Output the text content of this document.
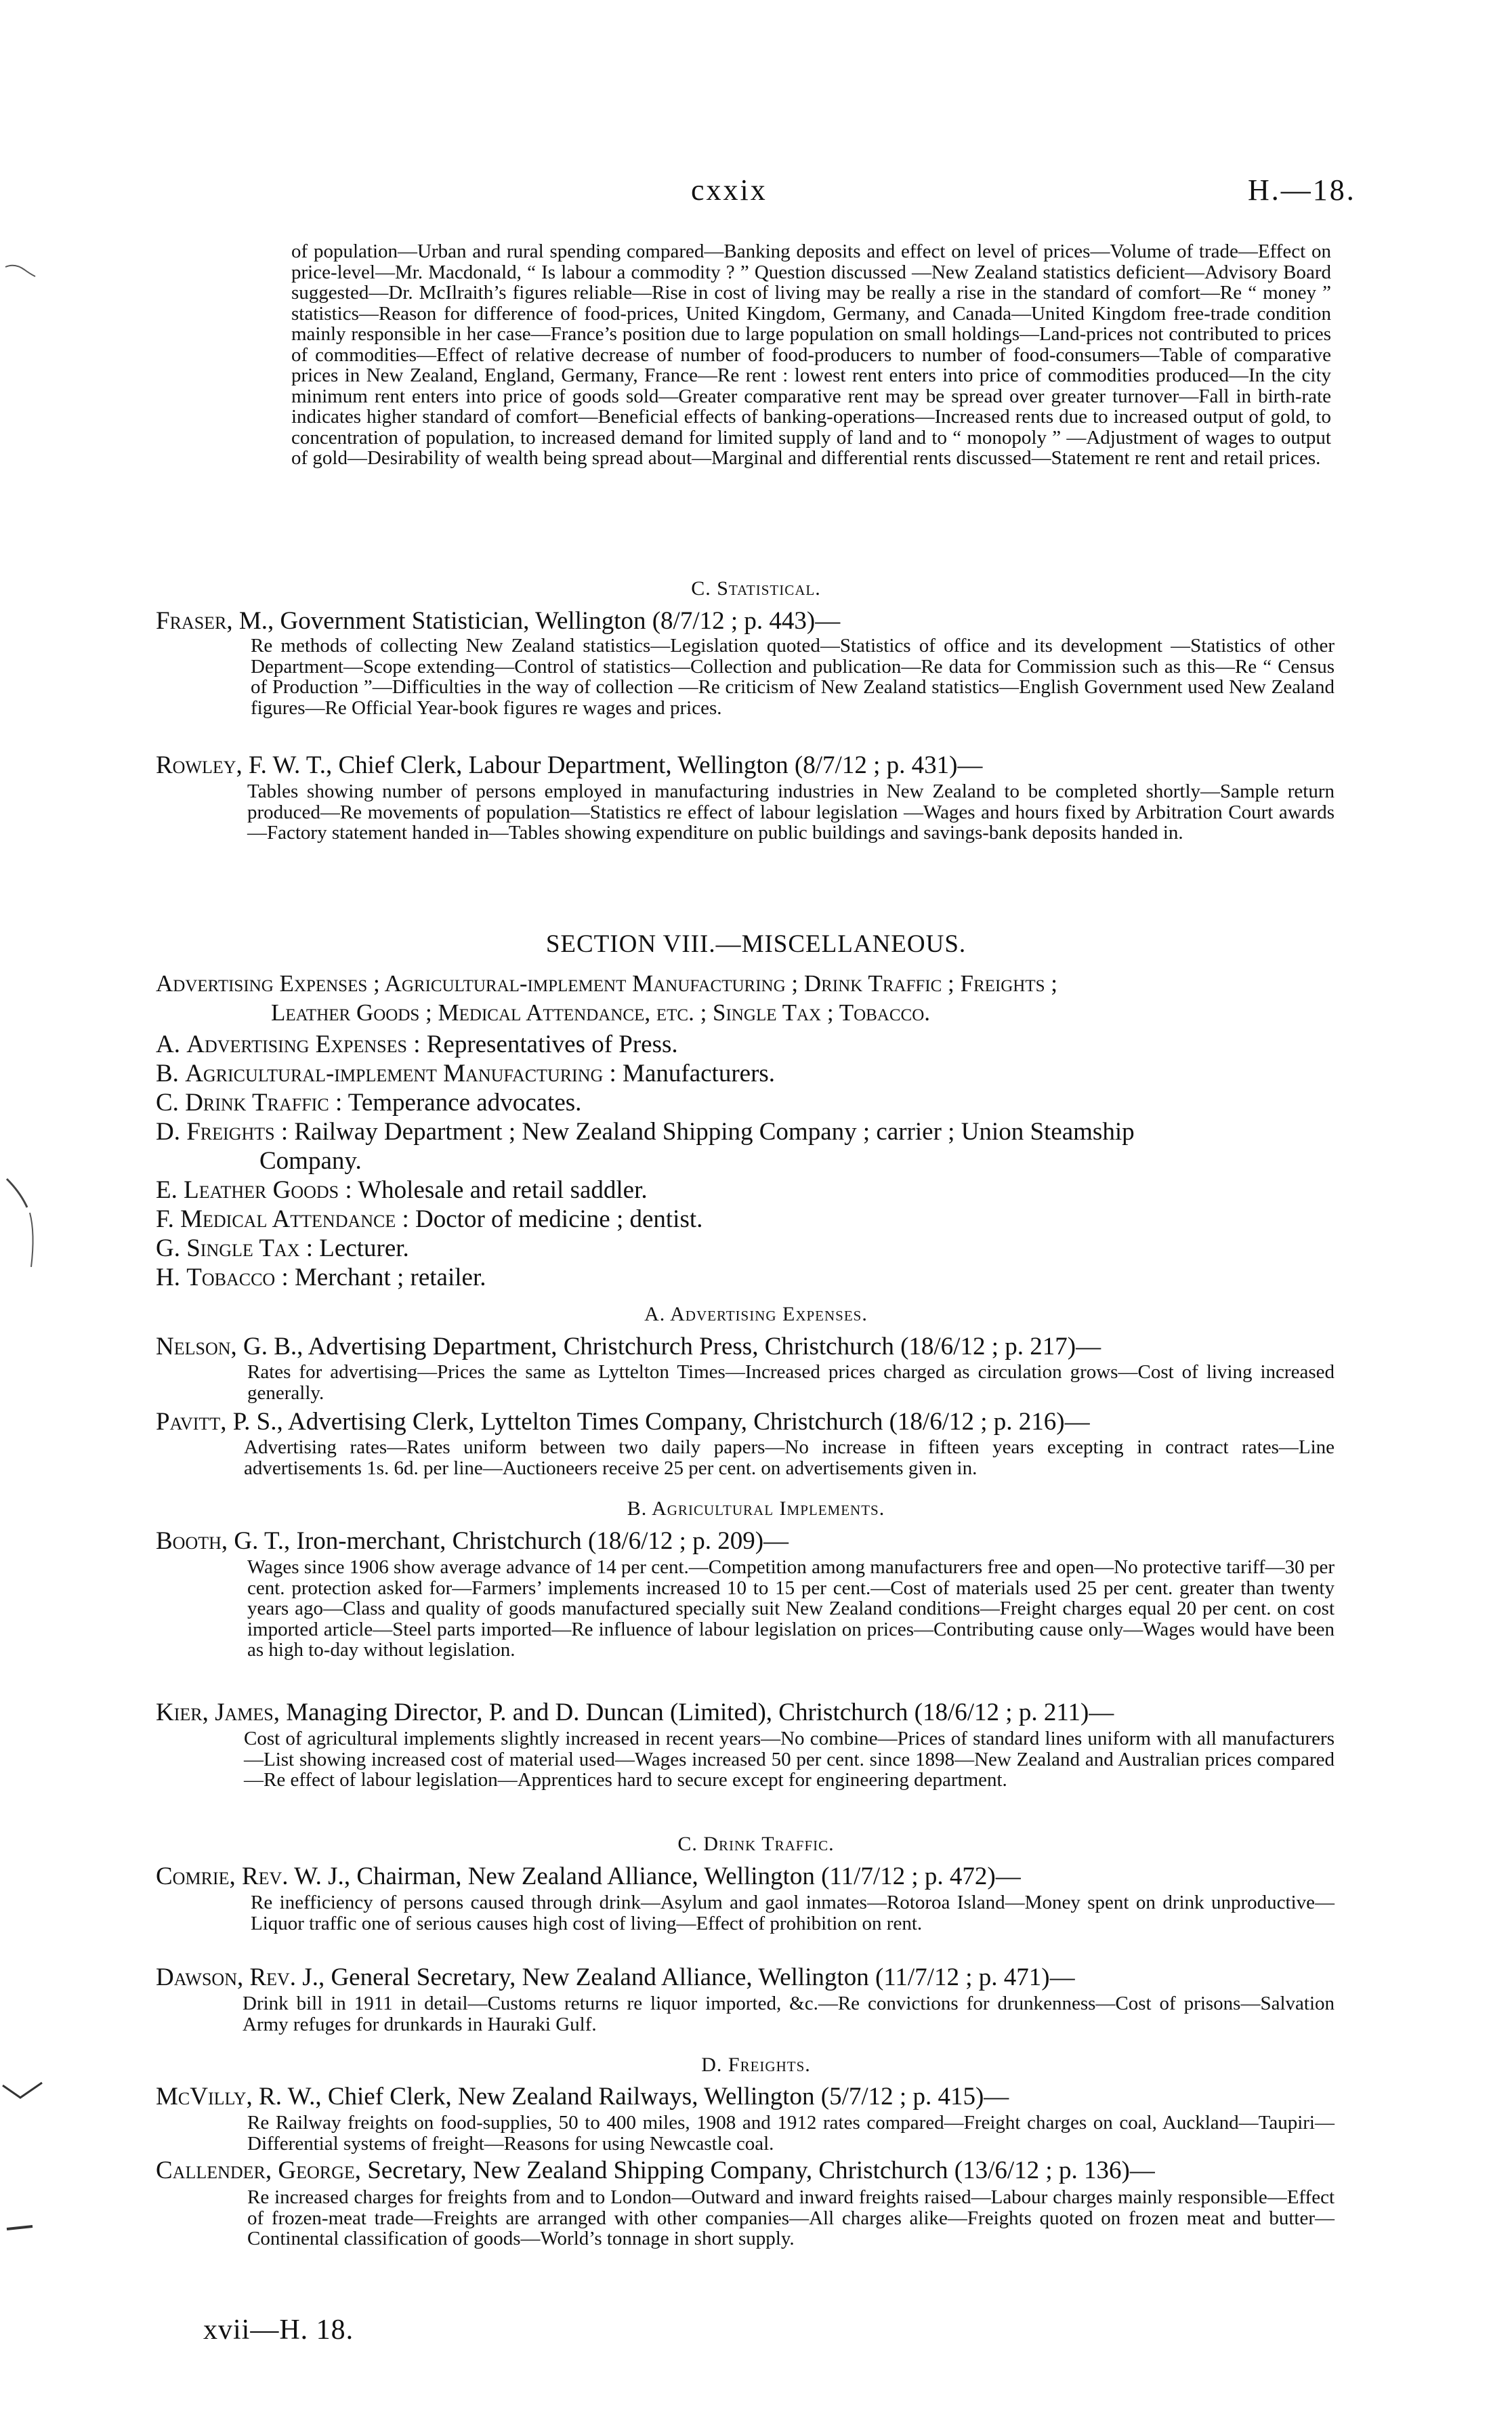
cxxix	H.—18.
of population—Urban and rural spending compared—Banking deposits and effect on level of prices—Volume of trade—Effect on price-level—Mr. Macdonald, “ Is labour a commodity ? ” Question discussed —New Zealand statistics deficient—Advisory Board suggested—Dr. McIlraith’s figures reliable—Rise in cost of living may be really a rise in the standard of comfort—Re “ money ” statistics—Reason for difference of food-prices, United Kingdom, Germany, and Canada—United Kingdom free-trade condition mainly responsible in her case—France’s position due to large population on small holdings—Land-prices not contributed to prices of commodities—Effect of relative decrease of number of food-producers to number of food-consumers—Table of comparative prices in New Zealand, England, Germany, France—Re rent : lowest rent enters into price of commodities produced—In the city minimum rent enters into price of goods sold—Greater comparative rent may be spread over greater turnover—Fall in birth-rate indicates higher standard of comfort—Beneficial effects of banking-operations—Increased rents due to increased output of gold, to concentration of population, to increased demand for limited supply of land and to “ monopoly ” —Adjustment of wages to output of gold—Desirability of wealth being spread about—Marginal and differential rents discussed—Statement re rent and retail prices.
C. Statistical.
Fraser, M., Government Statistician, Wellington (8/7/12 ; p. 443)—
Re methods of collecting New Zealand statistics—Legislation quoted—Statistics of office and its development —Statistics of other Department—Scope extending—Control of statistics—Collection and publication—Re data for Commission such as this—Re “ Census of Production ”—Difficulties in the way of collection —Re criticism of New Zealand statistics—English Government used New Zealand figures—Re Official Year-book figures re wages and prices.
Rowley, F. W. T., Chief Clerk, Labour Department, Wellington (8/7/12 ; p. 431)—
Tables showing number of persons employed in manufacturing industries in New Zealand to be completed shortly—Sample return produced—Re movements of population—Statistics re effect of labour legislation —Wages and hours fixed by Arbitration Court awards—Factory statement handed in—Tables showing expenditure on public buildings and savings-bank deposits handed in.
SECTION VIII.—MISCELLANEOUS.
Advertising Expenses ; Agricultural-implement Manufacturing ; Drink Traffic ; Freights ;
Leather Goods ; Medical Attendance, etc. ; Single Tax ; Tobacco.
A. Advertising Expenses : Representatives of Press.
B. Agricultural-implement Manufacturing : Manufacturers.
C. Drink Traffic : Temperance advocates.
D. Freights : Railway Department ; New Zealand Shipping Company ; carrier ; Union Steamship
Company.
E. Leather Goods : Wholesale and retail saddler.
F. Medical Attendance : Doctor of medicine ; dentist.
G. Single Tax : Lecturer.
H. Tobacco : Merchant ; retailer.
A. Advertising Expenses.
Nelson, G. B., Advertising Department, Christchurch Press, Christchurch (18/6/12 ; p. 217)—
Rates for advertising—Prices the same as Lyttelton Times—Increased prices charged as circulation grows—Cost of living increased generally.
Pavitt, P. S., Advertising Clerk, Lyttelton Times Company, Christchurch (18/6/12 ; p. 216)—
Advertising rates—Rates uniform between two daily papers—No increase in fifteen years excepting in contract rates—Line advertisements 1s. 6d. per line—Auctioneers receive 25 per cent. on advertisements given in.
B. Agricultural Implements.
Booth, G. T., Iron-merchant, Christchurch (18/6/12 ; p. 209)—
Wages since 1906 show average advance of 14 per cent.—Competition among manufacturers free and open—No protective tariff—30 per cent. protection asked for—Farmers’ implements increased 10 to 15 per cent.—Cost of materials used 25 per cent. greater than twenty years ago—Class and quality of goods manufactured specially suit New Zealand conditions—Freight charges equal 20 per cent. on cost imported article—Steel parts imported—Re influence of labour legislation on prices—Contributing cause only—Wages would have been as high to-day without legislation.
Kier, James, Managing Director, P. and D. Duncan (Limited), Christchurch (18/6/12 ; p. 211)—
Cost of agricultural implements slightly increased in recent years—No combine—Prices of standard lines uniform with all manufacturers—List showing increased cost of material used—Wages increased 50 per cent. since 1898—New Zealand and Australian prices compared—Re effect of labour legislation—Apprentices hard to secure except for engineering department.
C. Drink Traffic.
Comrie, Rev. W. J., Chairman, New Zealand Alliance, Wellington (11/7/12 ; p. 472)—
Re inefficiency of persons caused through drink—Asylum and gaol inmates—Rotoroa Island—Money spent on drink unproductive—Liquor traffic one of serious causes high cost of living—Effect of prohibition on rent.
Dawson, Rev. J., General Secretary, New Zealand Alliance, Wellington (11/7/12 ; p. 471)—
Drink bill in 1911 in detail—Customs returns re liquor imported, &c.—Re convictions for drunkenness—Cost of prisons—Salvation Army refuges for drunkards in Hauraki Gulf.
D. Freights.
McVilly, R. W., Chief Clerk, New Zealand Railways, Wellington (5/7/12 ; p. 415)—
Re Railway freights on food-supplies, 50 to 400 miles, 1908 and 1912 rates compared—Freight charges on coal, Auckland—Taupiri—Differential systems of freight—Reasons for using Newcastle coal.
Callender, George, Secretary, New Zealand Shipping Company, Christchurch (13/6/12 ; p. 136)—
Re increased charges for freights from and to London—Outward and inward freights raised—Labour charges mainly responsible—Effect of frozen-meat trade—Freights are arranged with other companies—All charges alike—Freights quoted on frozen meat and butter—Continental classification of goods—World’s tonnage in short supply.
xvii—H. 18.
